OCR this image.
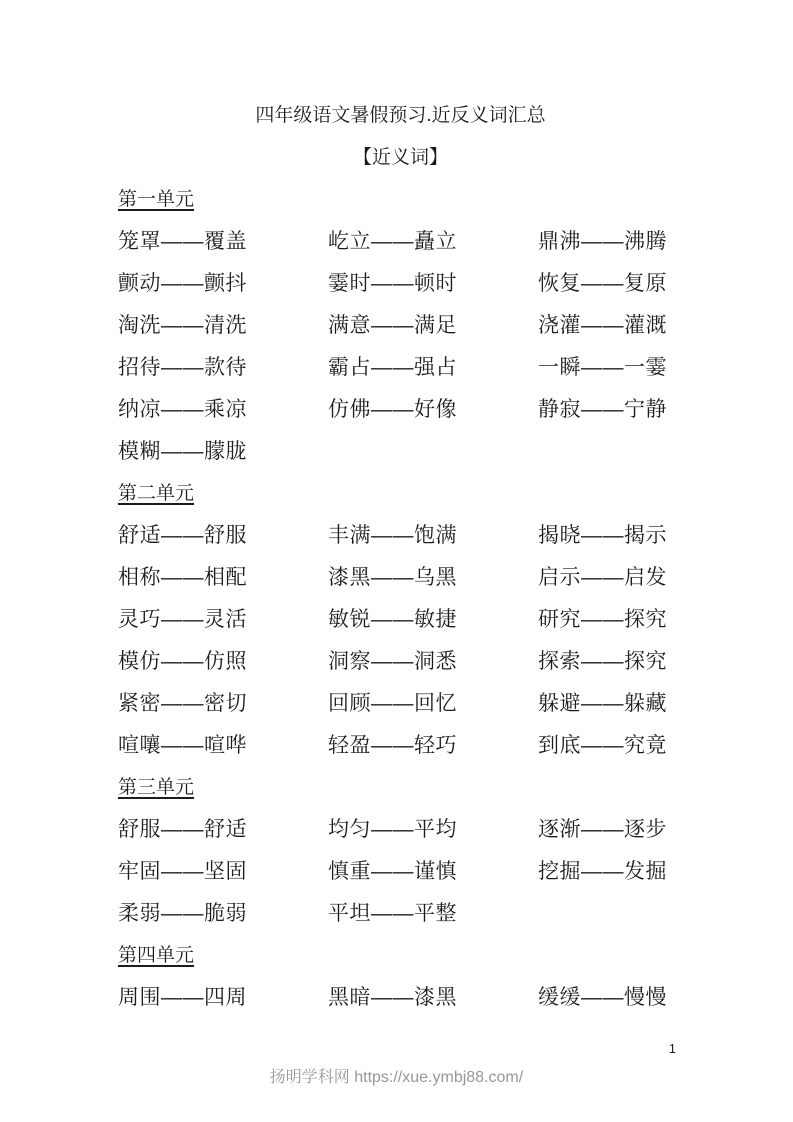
四年级语文暑假预习.近反义词汇总
【近义词】
第一单元
笼罩——覆盖	屹立——矗立	鼎沸——沸腾
颤动——颤抖	霎时——顿时	恢复——复原
淘洗——清洗	满意——满足	浇灌——灌溉
招待——款待	霸占——强占	一瞬——一霎
纳凉——乘凉	仿佛——好像	静寂——宁静
模糊——朦胧
第二单元
舒适——舒服	丰满——饱满	揭晓——揭示
相称——相配	漆黑——乌黑	启示——启发
灵巧——灵活	敏锐——敏捷	研究——探究
模仿——仿照	洞察——洞悉	探索——探究
紧密——密切	回顾——回忆	躲避——躲藏
喧嚷——喧哗	轻盈——轻巧	到底——究竟
第三单元
舒服——舒适	均匀——平均	逐渐——逐步
牢固——坚固	慎重——谨慎	挖掘——发掘
柔弱——脆弱	平坦——平整
第四单元
周围——四周	黑暗——漆黑	缓缓——慢慢
1
扬明学科网 https://xue.ymbj88.com/
